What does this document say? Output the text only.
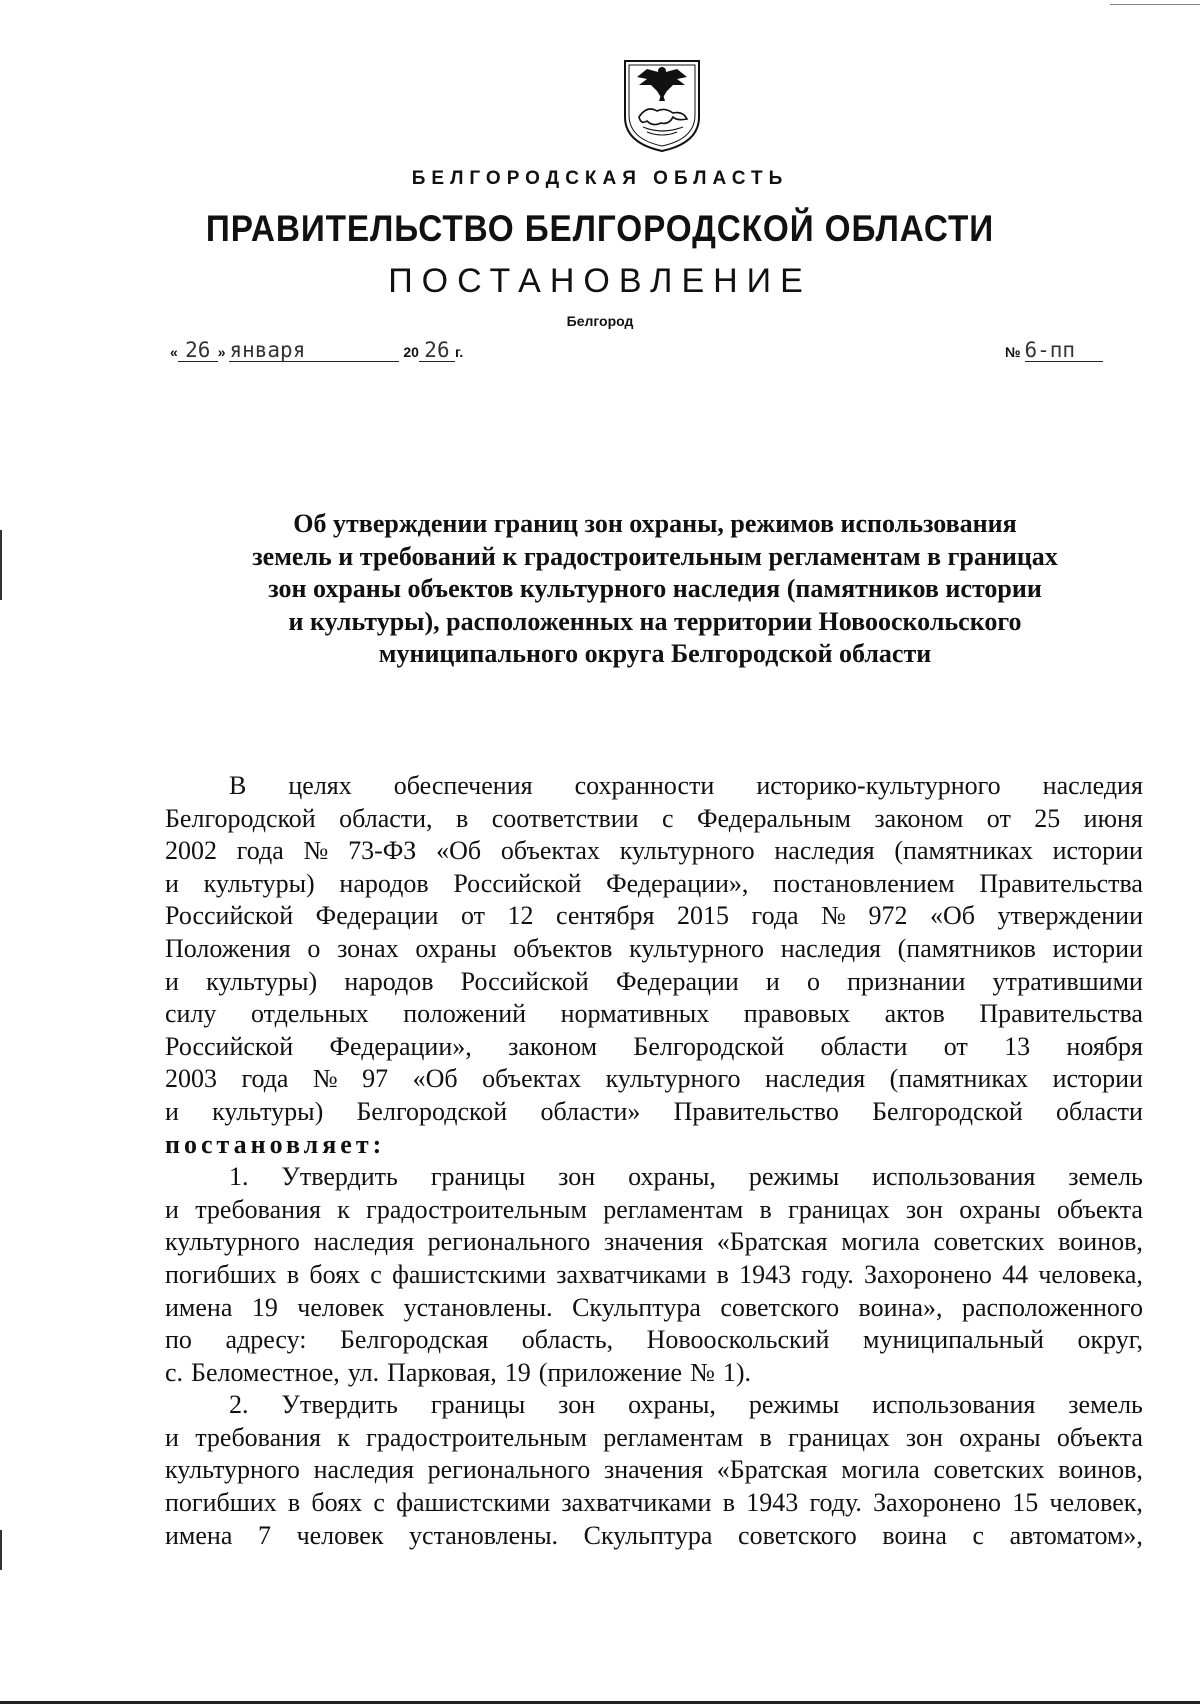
БЕЛГОРОДСКАЯ ОБЛАСТЬ
ПРАВИТЕЛЬСТВО БЕЛГОРОДСКОЙ ОБЛАСТИ
ПОСТАНОВЛЕНИЕ
Белгород
« 26 » января	20 26 г.	№ 6-пп
Об утверждении границ зон охраны, режимов использования
земель и требований к градостроительным регламентам в границах
зон охраны объектов культурного наследия (памятников истории
и культуры), расположенных на территории Новооскольского
муниципального округа Белгородской области
В целях обеспечения сохранности историко-культурного наследия
Белгородской области, в соответствии с Федеральным законом от 25 июня
2002 года № 73-ФЗ «Об объектах культурного наследия (памятниках истории
и культуры) народов Российской Федерации», постановлением Правительства
Российской Федерации от 12 сентября 2015 года № 972 «Об утверждении
Положения о зонах охраны объектов культурного наследия (памятников истории
и культуры) народов Российской Федерации и о признании утратившими
силу отдельных положений нормативных правовых актов Правительства
Российской Федерации», законом Белгородской области от 13 ноября
2003 года № 97 «Об объектах культурного наследия (памятниках истории
и культуры) Белгородской области» Правительство Белгородской области
постановляет:
1. Утвердить границы зон охраны, режимы использования земель
и требования к градостроительным регламентам в границах зон охраны объекта
культурного наследия регионального значения «Братская могила советских воинов,
погибших в боях с фашистскими захватчиками в 1943 году. Захоронено 44 человека,
имена 19 человек установлены. Скульптура советского воина», расположенного
по адресу: Белгородская область, Новооскольский муниципальный округ,
с. Беломестное, ул. Парковая, 19 (приложение № 1).
2. Утвердить границы зон охраны, режимы использования земель
и требования к градостроительным регламентам в границах зон охраны объекта
культурного наследия регионального значения «Братская могила советских воинов,
погибших в боях с фашистскими захватчиками в 1943 году. Захоронено 15 человек,
имена 7 человек установлены. Скульптура советского воина с автоматом»,
